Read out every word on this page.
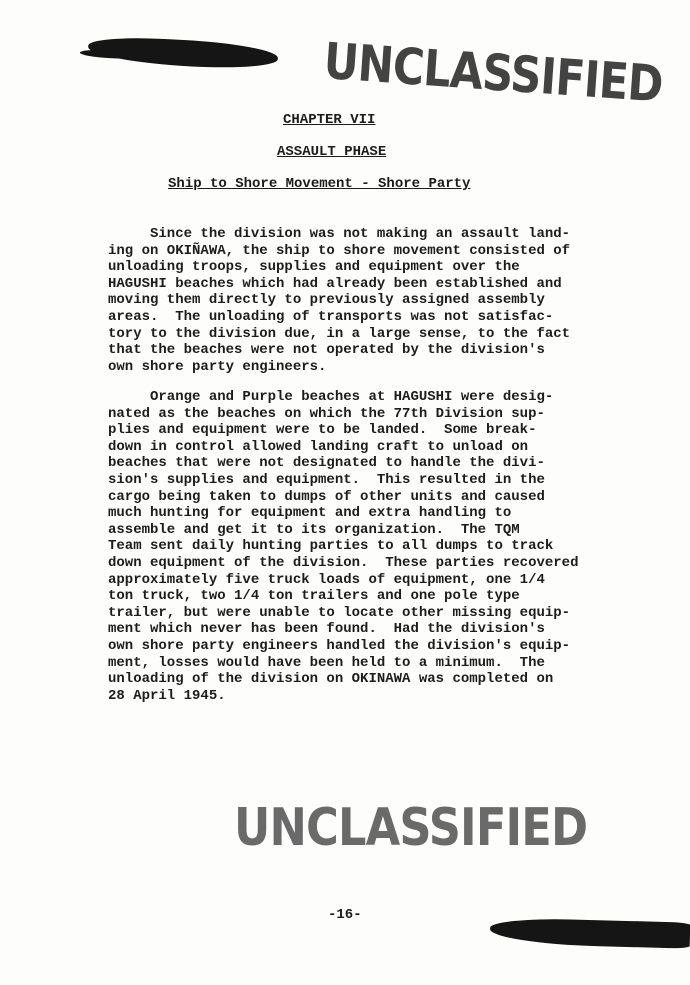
UNCLASSIFIED

CHAPTER VII

ASSAULT PHASE

Ship to Shore Movement - Shore Party

Since the division was not making an assault land-
ing on OKIÑAWA, the ship to shore movement consisted of
unloading troops, supplies and equipment over the
HAGUSHI beaches which had already been established and
moving them directly to previously assigned assembly
areas.  The unloading of transports was not satisfac-
tory to the division due, in a large sense, to the fact
that the beaches were not operated by the division's
own shore party engineers.
Orange and Purple beaches at HAGUSHI were desig-
nated as the beaches on which the 77th Division sup-
plies and equipment were to be landed.  Some break-
down in control allowed landing craft to unload on
beaches that were not designated to handle the divi-
sion's supplies and equipment.  This resulted in the
cargo being taken to dumps of other units and caused
much hunting for equipment and extra handling to
assemble and get it to its organization.  The TQM
Team sent daily hunting parties to all dumps to track
down equipment of the division.  These parties recovered
approximately five truck loads of equipment, one 1/4
ton truck, two 1/4 ton trailers and one pole type
trailer, but were unable to locate other missing equip-
ment which never has been found.  Had the division's
own shore party engineers handled the division's equip-
ment, losses would have been held to a minimum.  The
unloading of the division on OKINAWA was completed on
28 April 1945.
UNCLASSIFIED

-16-
